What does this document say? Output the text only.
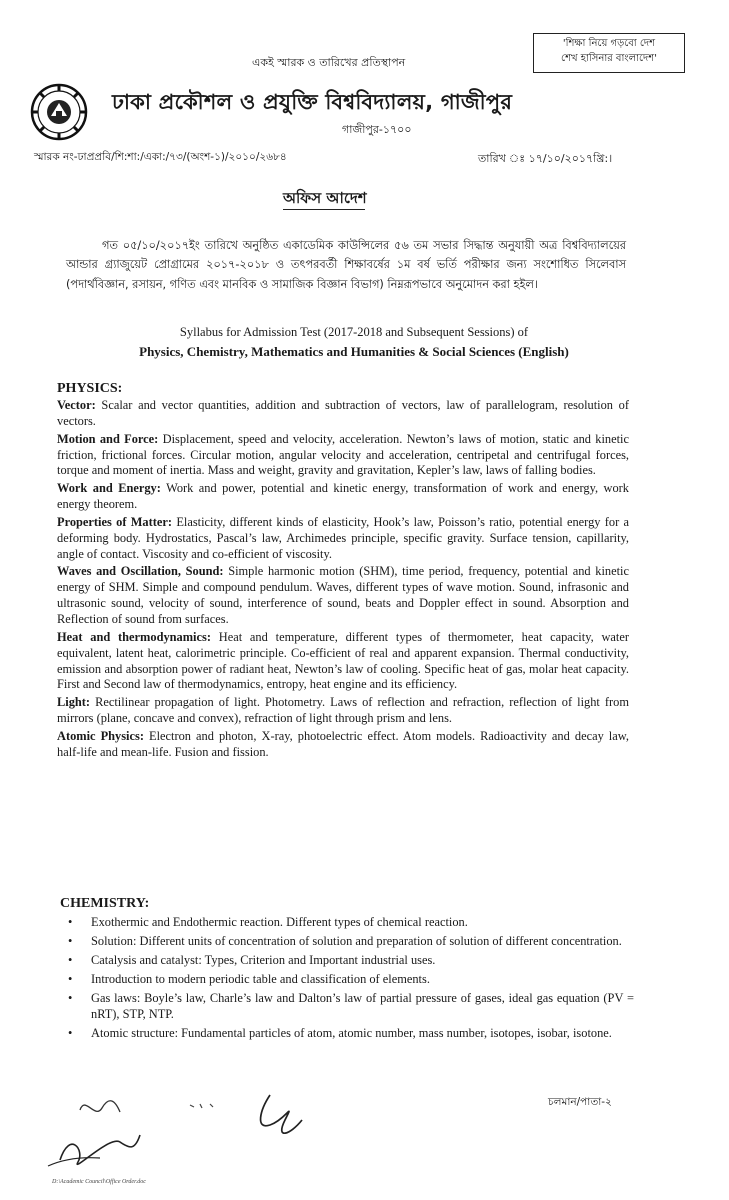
একই স্মারক ও তারিখের প্রতিস্থাপন
'শিক্ষা নিয়ে গড়বো দেশ
শেখ হাসিনার বাংলাদেশ'
ঢাকা প্রকৌশল ও প্রযুক্তি বিশ্ববিদ্যালয়, গাজীপুর
গাজীপুর-১৭০০
স্মারক নং-ঢাপ্রপ্রবি/শি:শা:/একা:/৭৩/(অংশ-১)/২০১০/২৬৮৪	তারিখ ঃ ১৭/১০/২০১৭খ্রি:।
অফিস আদেশ

গত ০৫/১০/২০১৭ইং তারিখে অনুষ্ঠিত একাডেমিক কাউন্সিলের ৫৬ তম সভার সিদ্ধান্ত অনুযায়ী অত্র বিশ্ববিদ্যালয়ের আন্ডার গ্র্যাজুয়েট প্রোগ্রামের ২০১৭-২০১৮ ও তৎপরবর্তী শিক্ষাবর্ষের ১ম বর্ষ ভর্তি পরীক্ষার জন্য সংশোধিত সিলেবাস (পদার্থবিজ্ঞান, রসায়ন, গণিত এবং মানবিক ও সামাজিক বিজ্ঞান বিভাগ) নিম্নরূপভাবে অনুমোদন করা হইল।

Syllabus for Admission Test (2017-2018 and Subsequent Sessions) of
Physics, Chemistry, Mathematics and Humanities & Social Sciences (English)
PHYSICS:

Vector: Scalar and vector quantities, addition and subtraction of vectors, law of parallelogram, resolution of vectors.

Motion and Force: Displacement, speed and velocity, acceleration. Newton’s laws of motion, static and kinetic friction, frictional forces. Circular motion, angular velocity and acceleration, centripetal and centrifugal forces, torque and moment of inertia. Mass and weight, gravity and gravitation, Kepler’s law, laws of falling bodies.

Work and Energy: Work and power, potential and kinetic energy, transformation of work and energy, work energy theorem.

Properties of Matter: Elasticity, different kinds of elasticity, Hook’s law, Poisson’s ratio, potential energy for a deforming body. Hydrostatics, Pascal’s law, Archimedes principle, specific gravity. Surface tension, capillarity, angle of contact. Viscosity and co-efficient of viscosity.

Waves and Oscillation, Sound: Simple harmonic motion (SHM), time period, frequency, potential and kinetic energy of SHM. Simple and compound pendulum. Waves, different types of wave motion. Sound, infrasonic and ultrasonic sound, velocity of sound, interference of sound, beats and Doppler effect in sound. Absorption and Reflection of sound from surfaces.

Heat and thermodynamics: Heat and temperature, different types of thermometer, heat capacity, water equivalent, latent heat, calorimetric principle. Co-efficient of real and apparent expansion. Thermal conductivity, emission and absorption power of radiant heat, Newton’s law of cooling. Specific heat of gas, molar heat capacity. First and Second law of thermodynamics, entropy, heat engine and its efficiency.

Light: Rectilinear propagation of light. Photometry. Laws of reflection and refraction, reflection of light from mirrors (plane, concave and convex), refraction of light through prism and lens.

Atomic Physics: Electron and photon, X-ray, photoelectric effect. Atom models. Radioactivity and decay law, half-life and mean-life. Fusion and fission.

CHEMISTRY:
• Exothermic and Endothermic reaction. Different types of chemical reaction.
• Solution: Different units of concentration of solution and preparation of solution of different concentration.
• Catalysis and catalyst: Types, Criterion and Important industrial uses.
• Introduction to modern periodic table and classification of elements.
• Gas laws: Boyle’s law, Charle’s law and Dalton’s law of partial pressure of gases, ideal gas equation (PV = nRT), STP, NTP.
• Atomic structure: Fundamental particles of atom, atomic number, mass number, isotopes, isobar, isotone.
চলমান/পাতা-২
D:\Academic Council\Office Order.doc
